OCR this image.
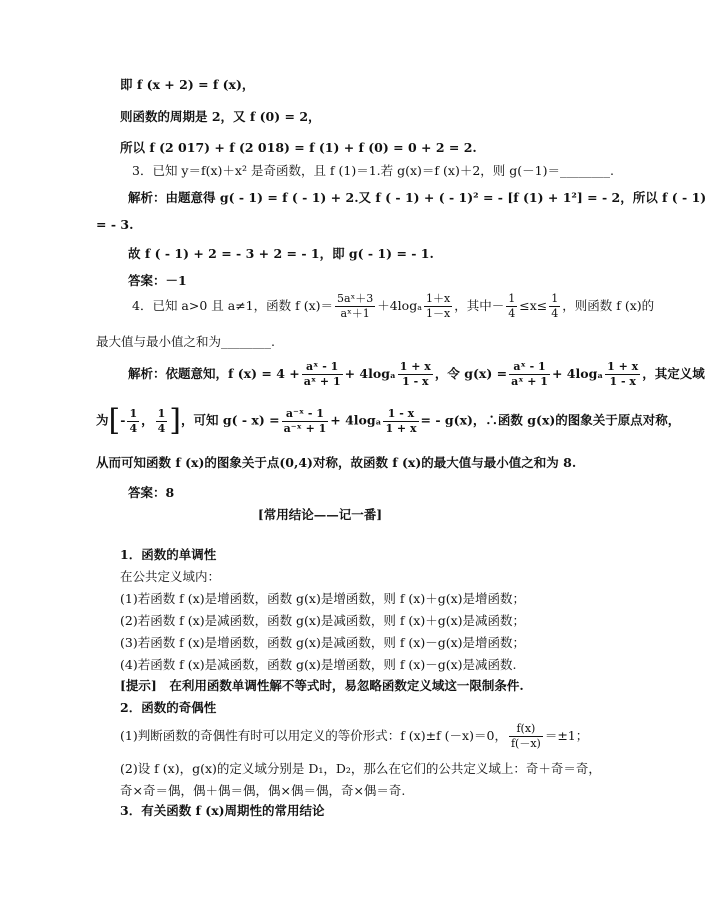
即 f (x + 2) = f (x)，
则函数的周期是 2，又 f (0) = 2，
所以 f (2 017) + f (2 018) = f (1) + f (0) = 0 + 2 = 2.
3．已知 y＝f(x)＋x² 是奇函数，且 f (1)＝1.若 g(x)＝f (x)＋2，则 g(－1)＝________.
解析：由题意得 g( - 1) = f ( - 1) + 2.又 f ( - 1) + ( - 1)² = - [f (1) + 1²] = - 2，所以 f ( - 1)
= - 3.
故 f ( - 1) + 2 = - 3 + 2 = - 1，即 g( - 1) = - 1.
答案：－1
4．已知 a>0 且 a≠1，函数 f $(x)= \frac{\text{5aˣ＋3}}{\text{aˣ＋1}} +4\log_a \frac{1+x}{1-x}$ ，其中－ $\frac{1}{4} \le x\le \frac{1}{4}$ ，则函数 f (x)的
最大值与最小值之和为________.
解析：依题意知，f $(x) = 4 + \frac{\text{aˣ - 1}}{\text{aˣ + 1}} + 4\log_a \frac{1 + x}{1 - x}$ ，令 $g(x) = \frac{\text{aˣ - 1}}{\text{aˣ + 1}} + 4\log_a \frac{1 + x}{1 - x}$ ，其定义域
为[- $\frac{1}{4}$ ， $\frac{1}{4}$ ]，可知 $g( - x) = \frac{\text{a⁻ˣ - 1}}{\text{a⁻ˣ + 1}} + 4\log_a \frac{1 - x}{1 + x}$ = - g(x)，∴函数 g(x)的图象关于原点对称，
从而可知函数 f (x)的图象关于点(0,4)对称，故函数 f (x)的最大值与最小值之和为 8.
答案：8
[常用结论——记一番]
1．函数的单调性
在公共定义域内：
(1)若函数 f (x)是增函数，函数 g(x)是增函数，则 f (x)＋g(x)是增函数；
(2)若函数 f (x)是减函数，函数 g(x)是减函数，则 f (x)＋g(x)是减函数；
(3)若函数 f (x)是增函数，函数 g(x)是减函数，则 f (x)－g(x)是增函数；
(4)若函数 f (x)是减函数，函数 g(x)是增函数，则 f (x)－g(x)是减函数.
[提示]　在利用函数单调性解不等式时，易忽略函数定义域这一限制条件.
2．函数的奇偶性
(1)判断函数的奇偶性有时可以用定义的等价形式：f (x)±f (－x)＝0， $\frac{f(x)}{f(-x)} =\pm 1$；
(2)设 f (x)，g(x)的定义域分别是 D₁，D₂，那么在它们的公共定义域上：奇＋奇＝奇，
奇×奇＝偶，偶＋偶＝偶，偶×偶＝偶，奇×偶＝奇.
3．有关函数 f (x)周期性的常用结论
